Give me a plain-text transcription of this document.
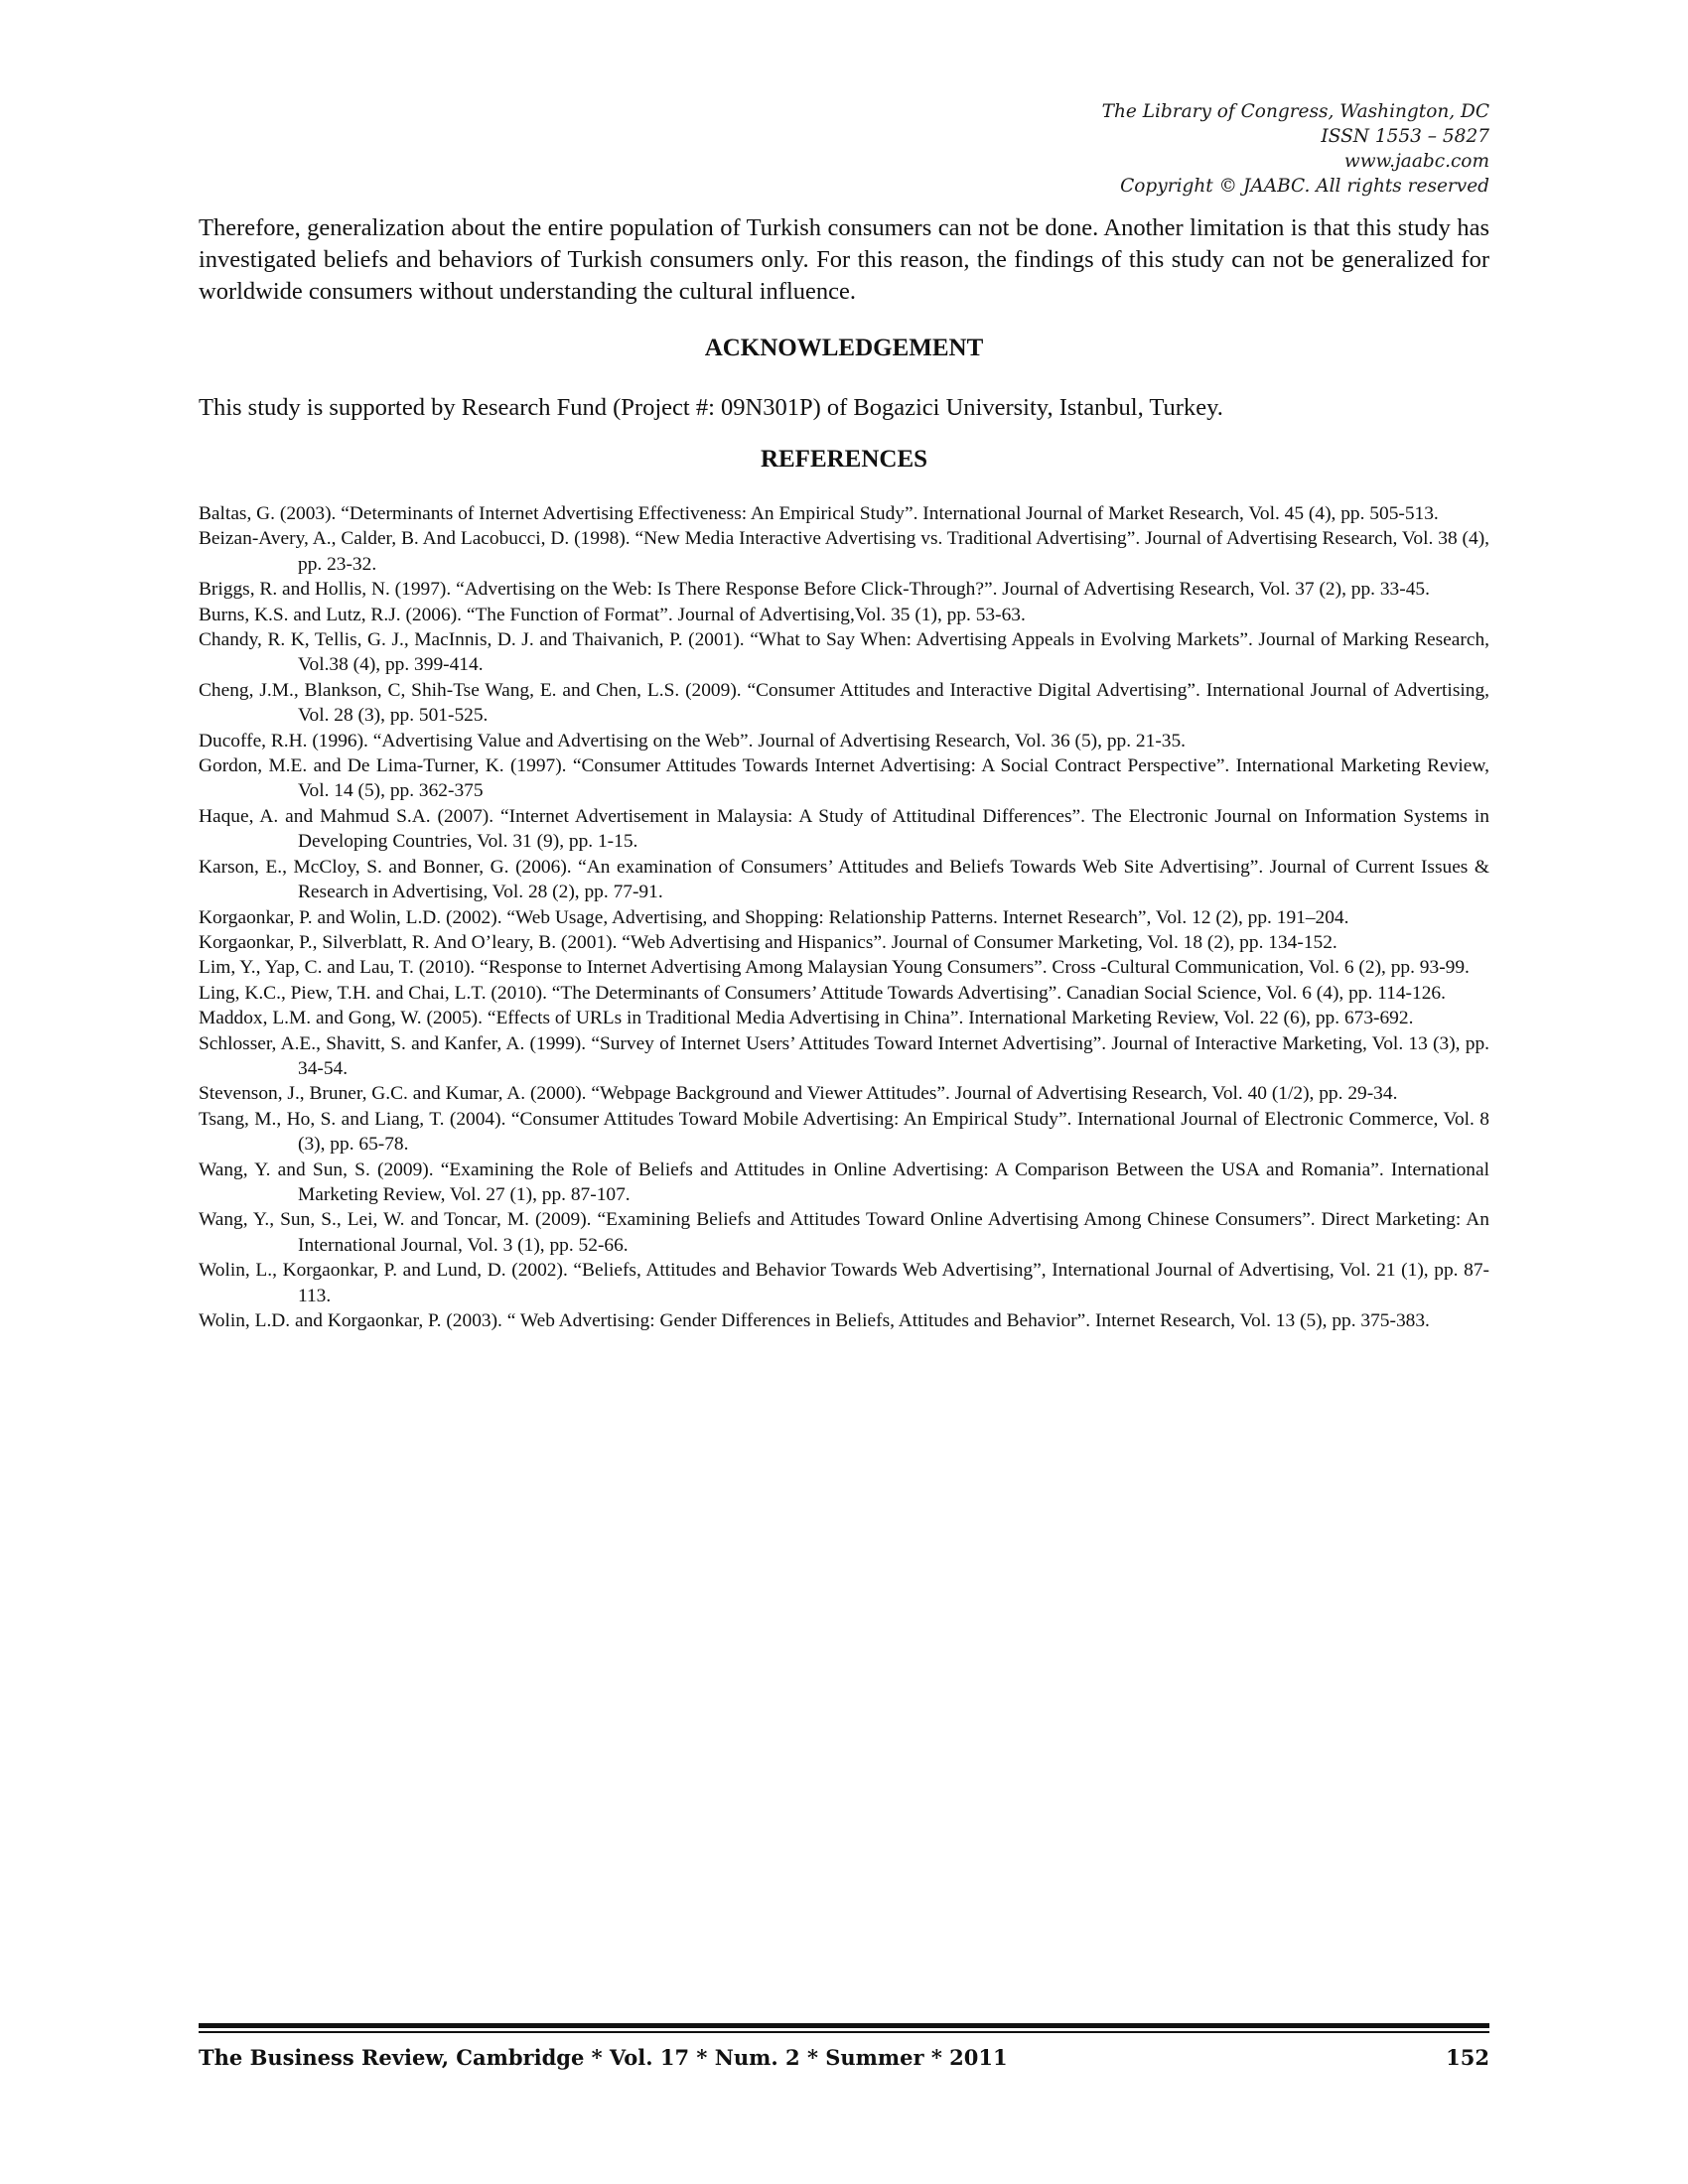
The Library of Congress, Washington, DC
ISSN 1553 – 5827
www.jaabc.com
Copyright © JAABC. All rights reserved

Therefore, generalization about the entire population of Turkish consumers can not be done. Another limitation is that this study has investigated beliefs and behaviors of Turkish consumers only. For this reason, the findings of this study can not be generalized for worldwide consumers without understanding the cultural influence.

ACKNOWLEDGEMENT

This study is supported by Research Fund (Project #: 09N301P) of Bogazici University, Istanbul, Turkey.

REFERENCES

Baltas, G. (2003). “Determinants of Internet Advertising Effectiveness: An Empirical Study”. International Journal of Market Research, Vol. 45 (4), pp. 505-513.

Beizan-Avery, A., Calder, B. And Lacobucci, D. (1998). “New Media Interactive Advertising vs. Traditional Advertising”. Journal of Advertising Research, Vol. 38 (4), pp. 23-32.

Briggs, R. and Hollis, N. (1997). “Advertising on the Web: Is There Response Before Click-Through?”. Journal of Advertising Research, Vol. 37 (2), pp. 33-45.

Burns, K.S. and Lutz, R.J. (2006). “The Function of Format”. Journal of Advertising,Vol. 35 (1), pp. 53-63.

Chandy, R. K, Tellis, G. J., MacInnis, D. J. and Thaivanich, P. (2001). “What to Say When: Advertising Appeals in Evolving Markets”. Journal of Marking Research, Vol.38 (4), pp. 399-414.

Cheng, J.M., Blankson, C, Shih-Tse Wang, E. and Chen, L.S. (2009). “Consumer Attitudes and Interactive Digital Advertising”. International Journal of Advertising, Vol. 28 (3), pp. 501-525.

Ducoffe, R.H. (1996). “Advertising Value and Advertising on the Web”. Journal of Advertising Research, Vol. 36 (5), pp. 21-35.

Gordon, M.E. and De Lima-Turner, K. (1997). “Consumer Attitudes Towards Internet Advertising: A Social Contract Perspective”. International Marketing Review, Vol. 14 (5), pp. 362-375

Haque, A. and Mahmud S.A. (2007). “Internet Advertisement in Malaysia: A Study of Attitudinal Differences”. The Electronic Journal on Information Systems in Developing Countries, Vol. 31 (9), pp. 1-15.

Karson, E., McCloy, S. and Bonner, G. (2006). “An examination of Consumers’ Attitudes and Beliefs Towards Web Site Advertising”. Journal of Current Issues & Research in Advertising, Vol. 28 (2), pp. 77-91.

Korgaonkar, P. and Wolin, L.D. (2002). “Web Usage, Advertising, and Shopping: Relationship Patterns. Internet Research”, Vol. 12 (2), pp. 191–204.

Korgaonkar, P., Silverblatt, R. And O’leary, B. (2001). “Web Advertising and Hispanics”. Journal of Consumer Marketing, Vol. 18 (2), pp. 134-152.

Lim, Y., Yap, C. and Lau, T. (2010). “Response to Internet Advertising Among Malaysian Young Consumers”. Cross -Cultural Communication, Vol. 6 (2), pp. 93-99.

Ling, K.C., Piew, T.H. and Chai, L.T. (2010). “The Determinants of Consumers’ Attitude Towards Advertising”. Canadian Social Science, Vol. 6 (4), pp. 114-126.

Maddox, L.M. and Gong, W. (2005). “Effects of URLs in Traditional Media Advertising in China”. International Marketing Review, Vol. 22 (6), pp. 673-692.

Schlosser, A.E., Shavitt, S. and Kanfer, A. (1999). “Survey of Internet Users’ Attitudes Toward Internet Advertising”. Journal of Interactive Marketing, Vol. 13 (3), pp. 34-54.

Stevenson, J., Bruner, G.C. and Kumar, A. (2000). “Webpage Background and Viewer Attitudes”. Journal of Advertising Research, Vol. 40 (1/2), pp. 29-34.

Tsang, M., Ho, S. and Liang, T. (2004). “Consumer Attitudes Toward Mobile Advertising: An Empirical Study”. International Journal of Electronic Commerce, Vol. 8 (3), pp. 65-78.

Wang, Y. and Sun, S. (2009). “Examining the Role of Beliefs and Attitudes in Online Advertising: A Comparison Between the USA and Romania”. International Marketing Review, Vol. 27 (1), pp. 87-107.

Wang, Y., Sun, S., Lei, W. and Toncar, M. (2009). “Examining Beliefs and Attitudes Toward Online Advertising Among Chinese Consumers”. Direct Marketing: An International Journal, Vol. 3 (1), pp. 52-66.

Wolin, L., Korgaonkar, P. and Lund, D. (2002). “Beliefs, Attitudes and Behavior Towards Web Advertising”, International Journal of Advertising, Vol. 21 (1), pp. 87-113.

Wolin, L.D. and Korgaonkar, P. (2003). “ Web Advertising: Gender Differences in Beliefs, Attitudes and Behavior”. Internet Research, Vol. 13 (5), pp. 375-383.

The Business Review, Cambridge * Vol. 17 * Num. 2 * Summer * 2011	152
